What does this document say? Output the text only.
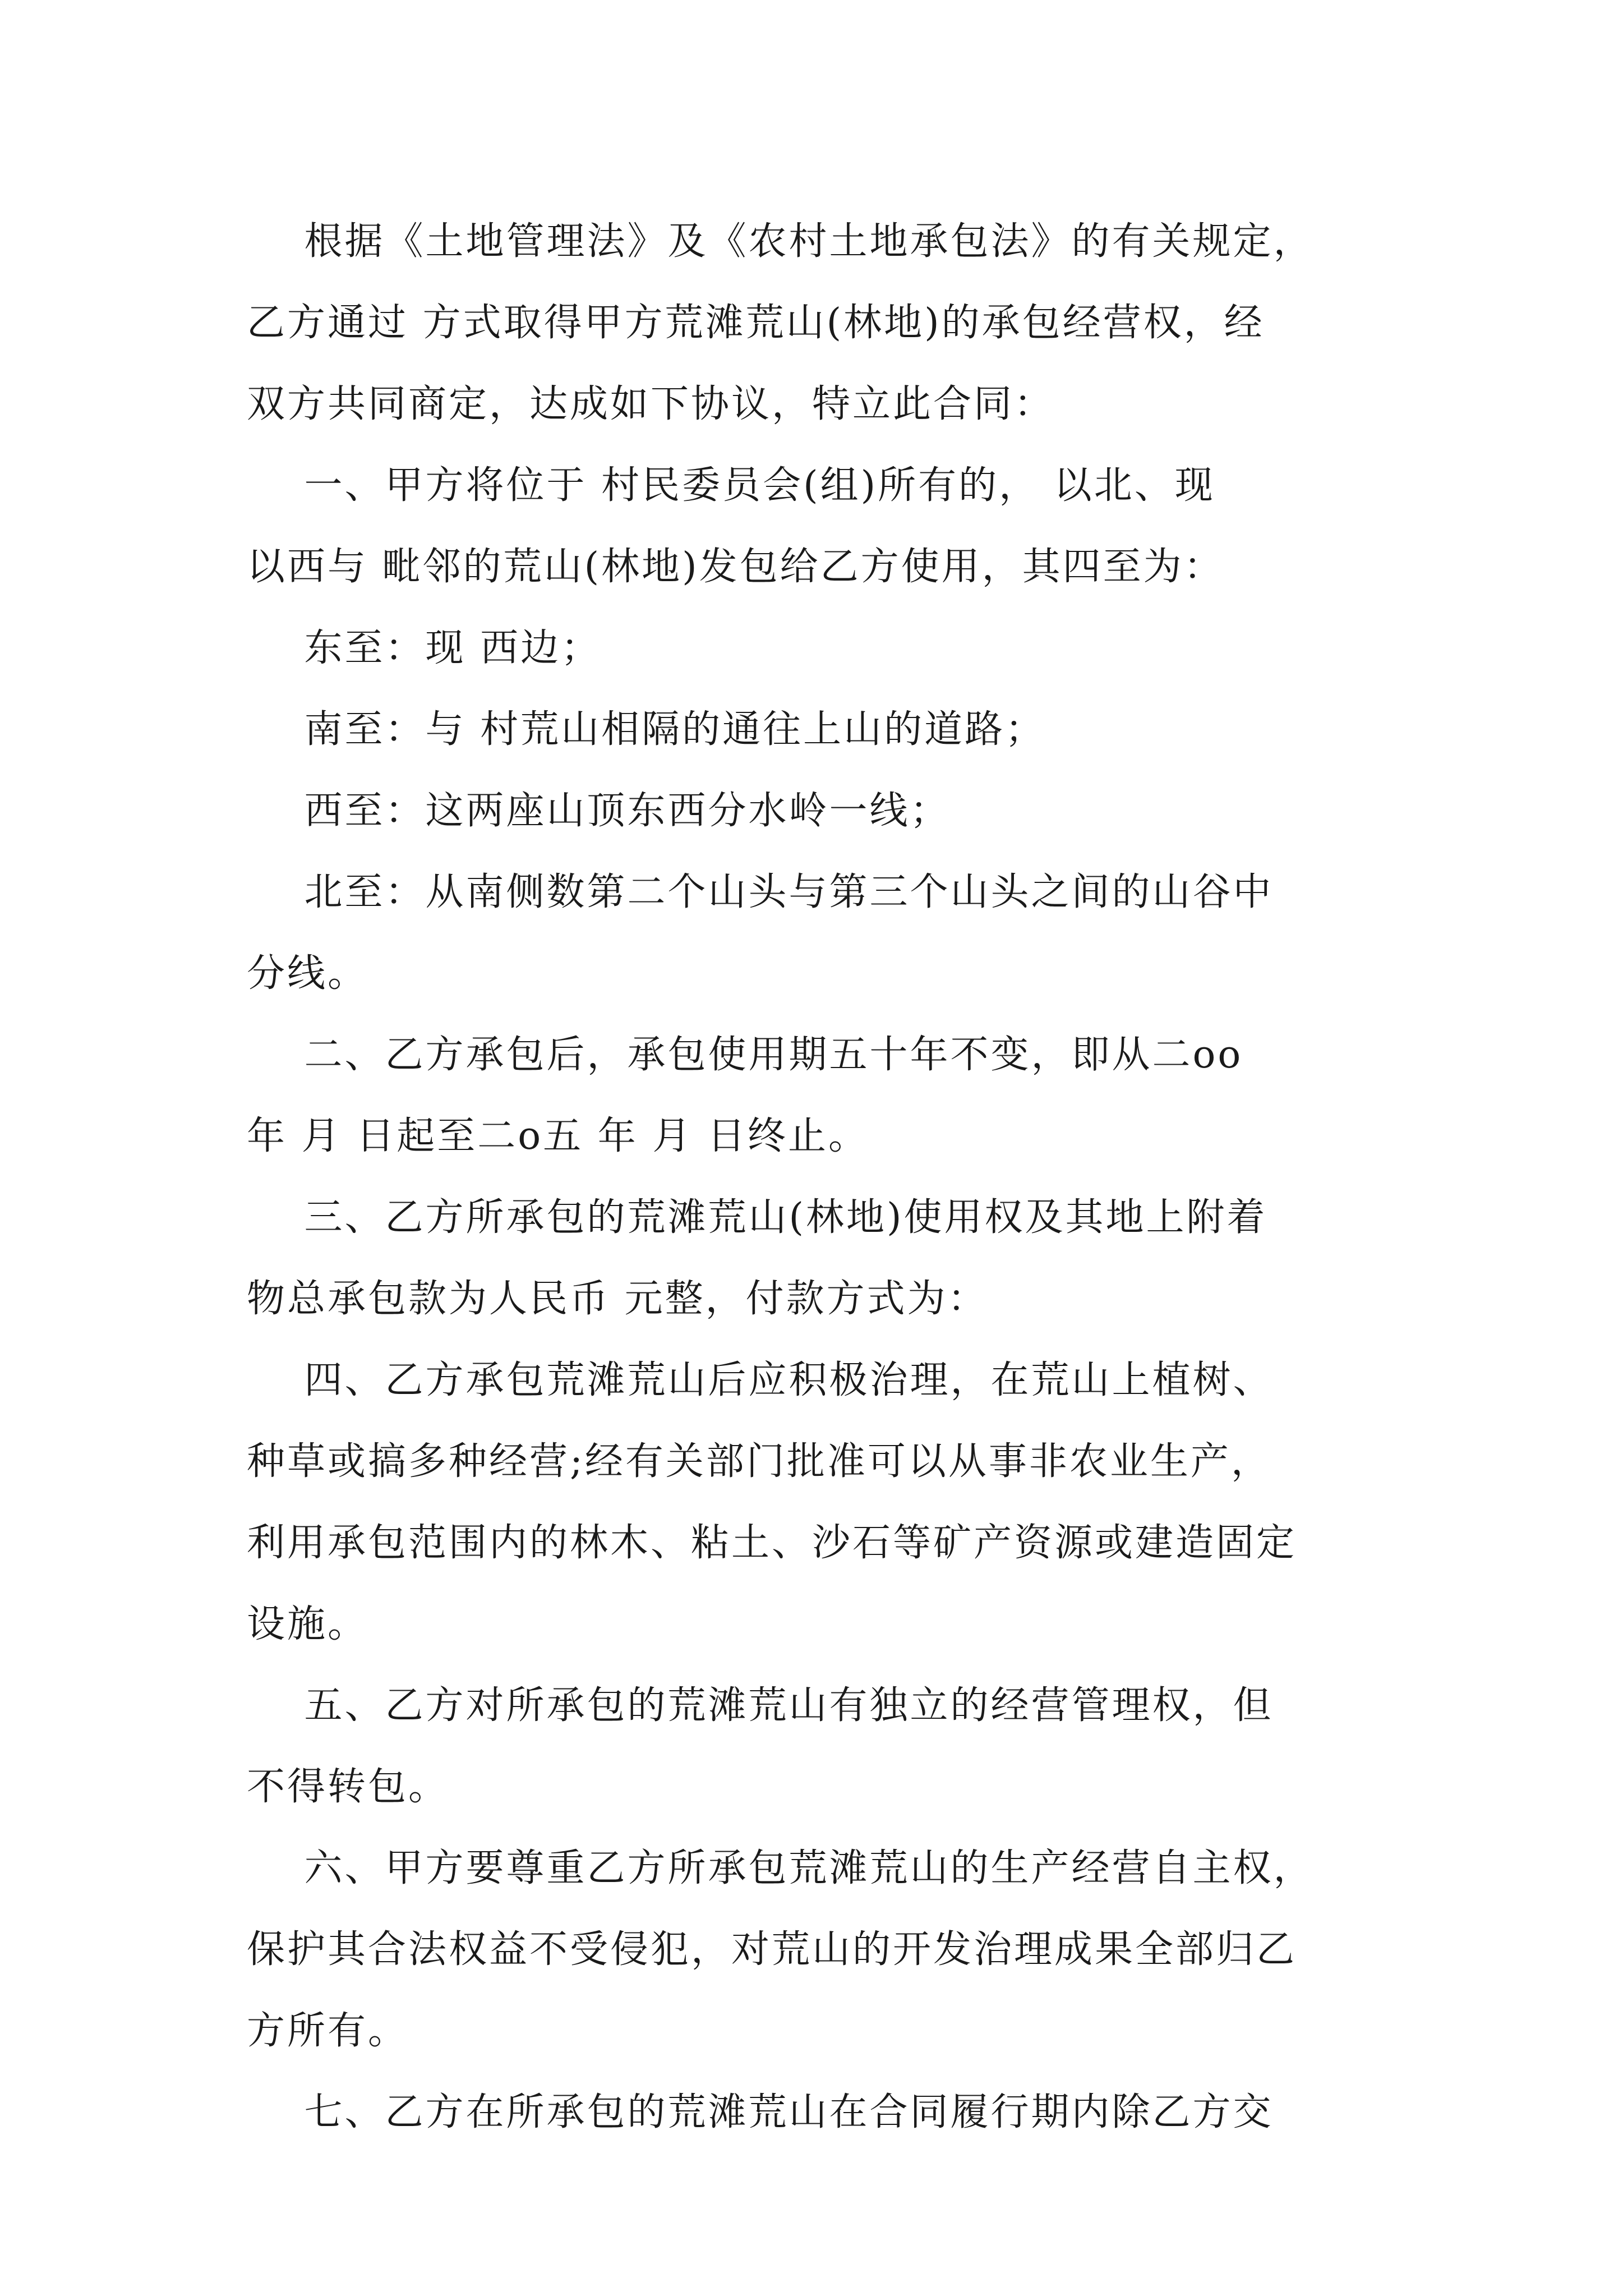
根据《土地管理法》及《农村土地承包法》的有关规定，
乙方通过 方式取得甲方荒滩荒山(林地)的承包经营权，经
双方共同商定，达成如下协议，特立此合同：
一、甲方将位于 村民委员会(组)所有的， 以北、现
以西与 毗邻的荒山(林地)发包给乙方使用，其四至为：
东至：现 西边；
南至：与 村荒山相隔的通往上山的道路；
西至：这两座山顶东西分水岭一线；
北至：从南侧数第二个山头与第三个山头之间的山谷中
分线。
二、乙方承包后，承包使用期五十年不变，即从二oo
年 月 日起至二o五 年 月 日终止。
三、乙方所承包的荒滩荒山(林地)使用权及其地上附着
物总承包款为人民币 元整，付款方式为：
四、乙方承包荒滩荒山后应积极治理，在荒山上植树、
种草或搞多种经营;经有关部门批准可以从事非农业生产，
利用承包范围内的林木、粘土、沙石等矿产资源或建造固定
设施。
五、乙方对所承包的荒滩荒山有独立的经营管理权，但
不得转包。
六、甲方要尊重乙方所承包荒滩荒山的生产经营自主权，
保护其合法权益不受侵犯，对荒山的开发治理成果全部归乙
方所有。
七、乙方在所承包的荒滩荒山在合同履行期内除乙方交
